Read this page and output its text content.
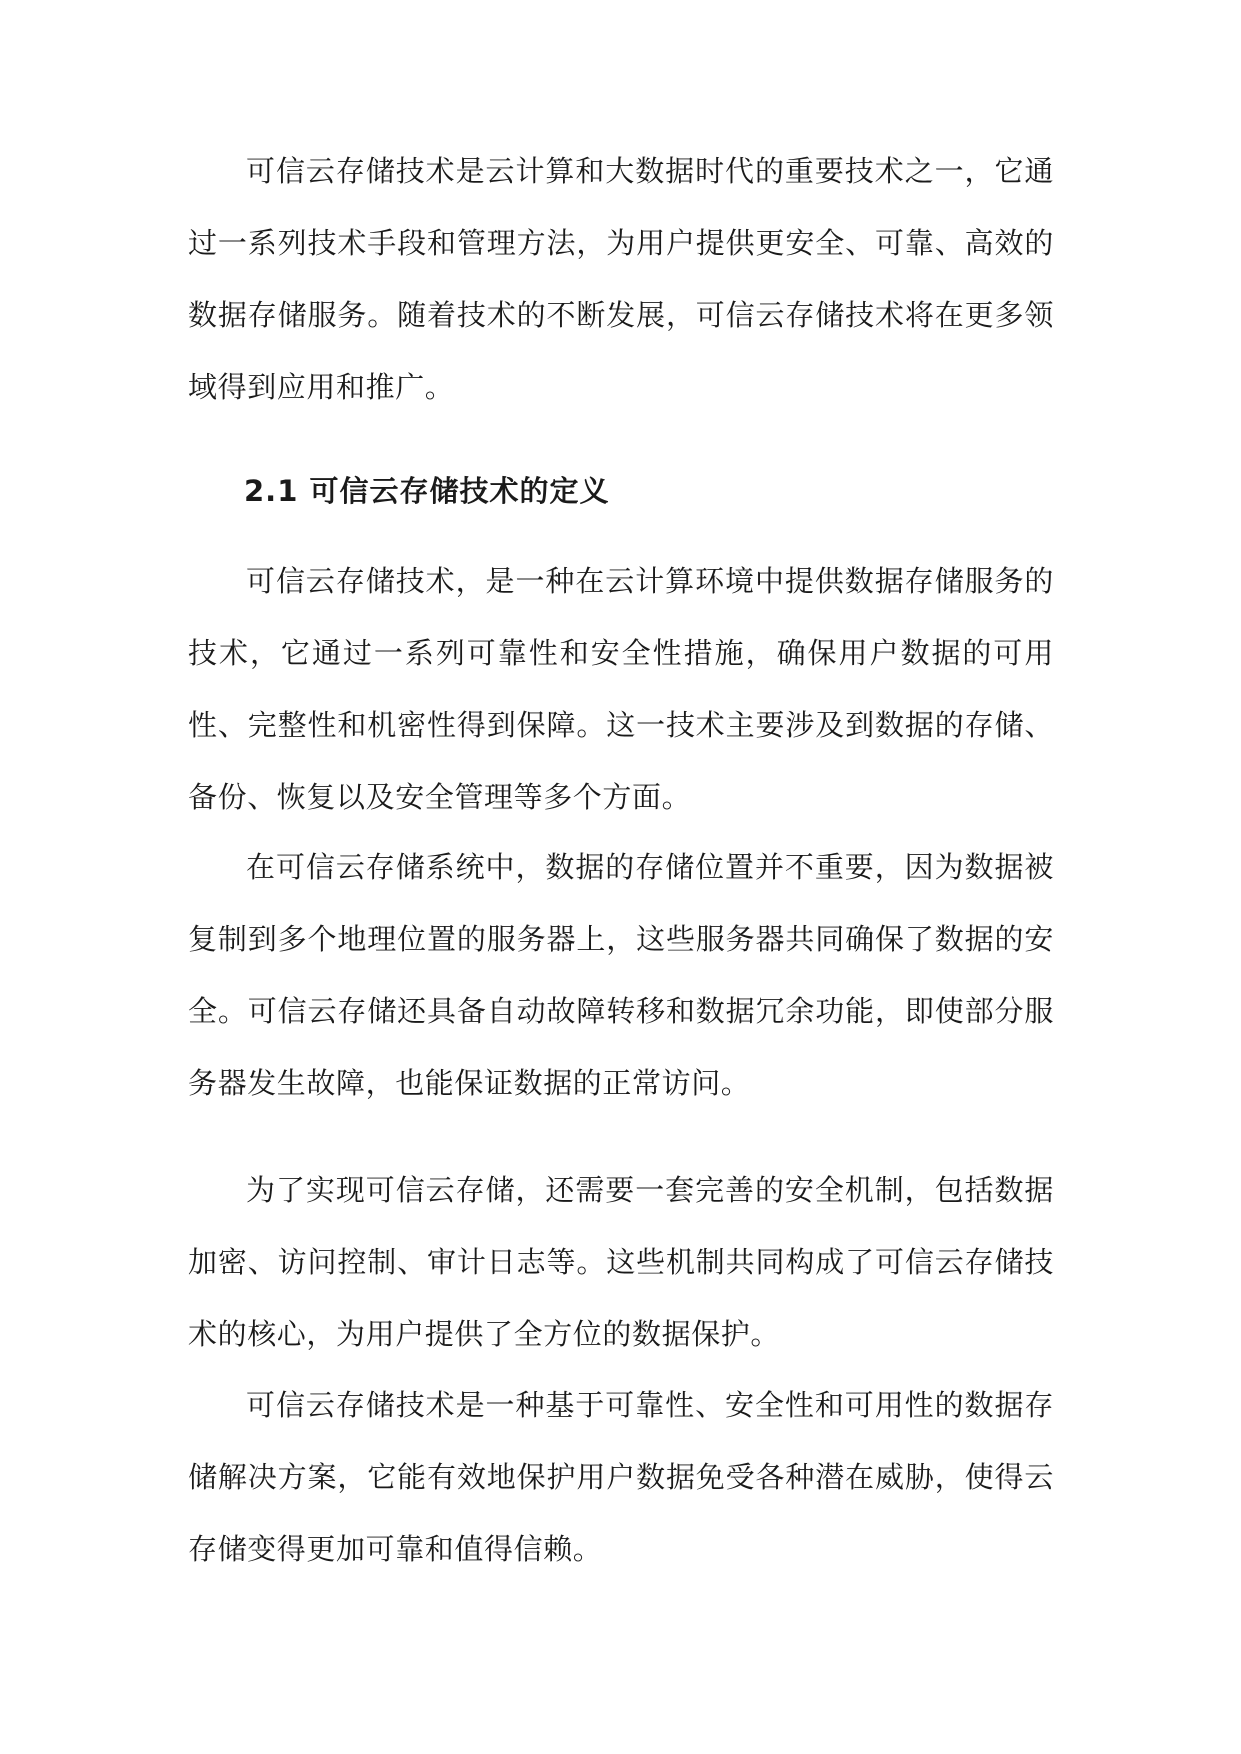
可信云存储技术是云计算和大数据时代的重要技术之一，它通过一系列技术手段和管理方法，为用户提供更安全、可靠、高效的数据存储服务。随着技术的不断发展，可信云存储技术将在更多领域得到应用和推广。

2.1 可信云存储技术的定义

可信云存储技术，是一种在云计算环境中提供数据存储服务的技术，它通过一系列可靠性和安全性措施，确保用户数据的可用性、完整性和机密性得到保障。这一技术主要涉及到数据的存储、备份、恢复以及安全管理等多个方面。

在可信云存储系统中，数据的存储位置并不重要，因为数据被复制到多个地理位置的服务器上，这些服务器共同确保了数据的安全。可信云存储还具备自动故障转移和数据冗余功能，即使部分服务器发生故障，也能保证数据的正常访问。

为了实现可信云存储，还需要一套完善的安全机制，包括数据加密、访问控制、审计日志等。这些机制共同构成了可信云存储技术的核心，为用户提供了全方位的数据保护。

可信云存储技术是一种基于可靠性、安全性和可用性的数据存储解决方案，它能有效地保护用户数据免受各种潜在威胁，使得云存储变得更加可靠和值得信赖。
